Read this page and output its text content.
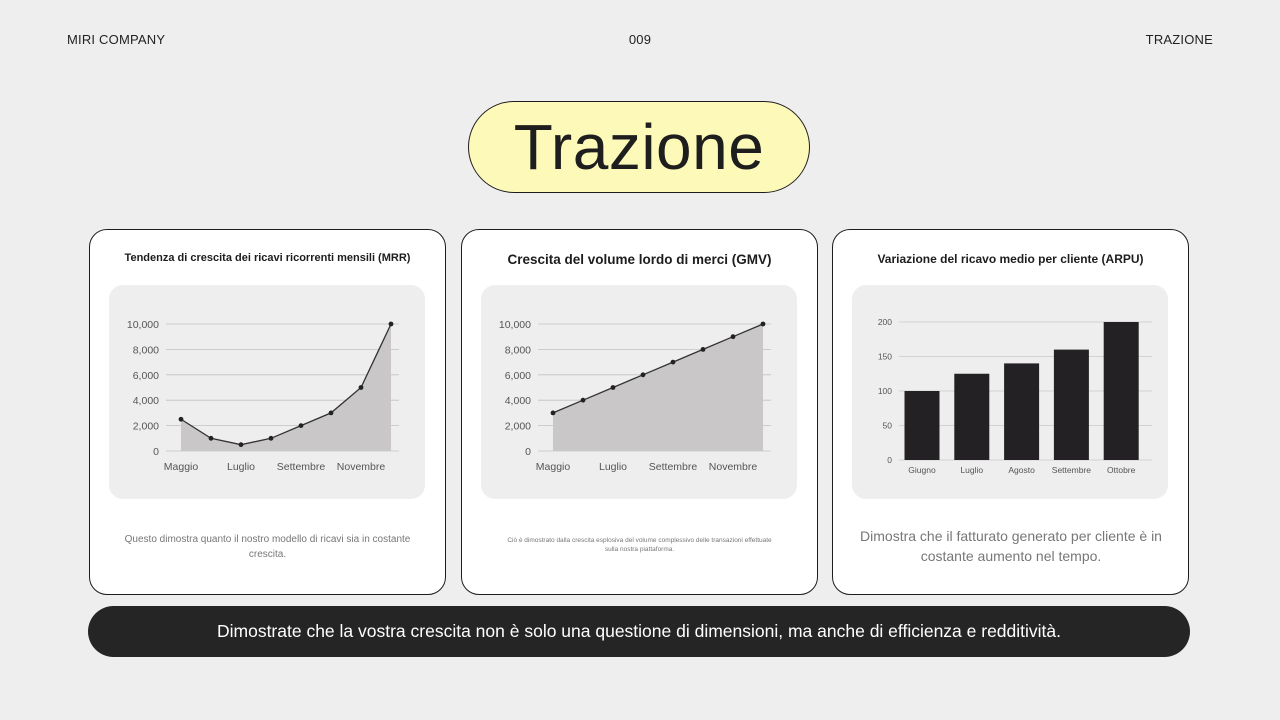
MIRI COMPANY	009	TRAZIONE
Trazione
Tendenza di crescita dei ricavi ricorrenti mensili (MRR)
0
2,000
4,000
6,000
8,000
10,000
Maggio	Luglio Settembre Novembre
Questo dimostra quanto il nostro modello di ricavi sia in costante crescita.
Crescita del volume lordo di merci (GMV)
0
2,000
4,000
6,000
8,000
10,000
Maggio	Luglio Settembre Novembre
Ciò è dimostrato dalla crescita esplosiva del volume complessivo delle transazioni effettuate sulla nostra piattaforma.
Variazione del ricavo medio per cliente (ARPU)
0
50
100
150
200
Giugno	Luglio	Agosto Settembre Ottobre
Dimostra che il fatturato generato per cliente è in costante aumento nel tempo.
Dimostrate che la vostra crescita non è solo una questione di dimensioni, ma anche di efficienza e redditività.
